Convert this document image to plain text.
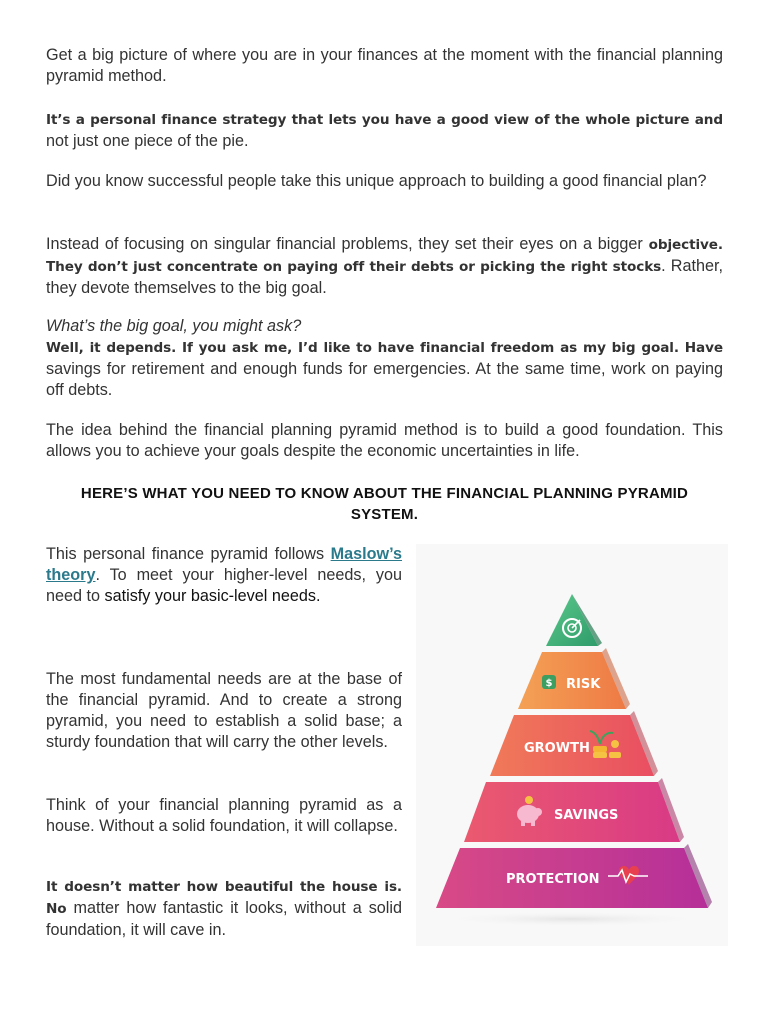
Get a big picture of where you are in your finances at the moment with the financial planning pyramid method.

It’s a personal finance strategy that lets you have a good view of the whole picture and not just one piece of the pie.

Did you know successful people take this unique approach to building a good financial plan?

Instead of focusing on singular financial problems, they set their eyes on a bigger objective. They don’t just concentrate on paying off their debts or picking the right stocks. Rather, they devote themselves to the big goal.

What’s the big goal, you might ask?
Well, it depends. If you ask me, I’d like to have financial freedom as my big goal. Have savings for retirement and enough funds for emergencies. At the same time, work on paying off debts.

The idea behind the financial planning pyramid method is to build a good foundation. This allows you to achieve your goals despite the economic uncertainties in life.

HERE’S WHAT YOU NEED TO KNOW ABOUT THE FINANCIAL PLANNING PYRAMID SYSTEM.

This personal finance pyramid follows Maslow’s theory. To meet your higher-level needs, you need to satisfy your basic-level needs.

The most fundamental needs are at the base of the financial pyramid. And to create a strong pyramid, you need to establish a solid base; a sturdy foundation that will carry the other levels.

Think of your financial planning pyramid as a house. Without a solid foundation, it will collapse.

It doesn’t matter how beautiful the house is. No matter how fantastic it looks, without a solid foundation, it will cave in.

$ RISK
GROWTH
SAVINGS
PROTECTION
